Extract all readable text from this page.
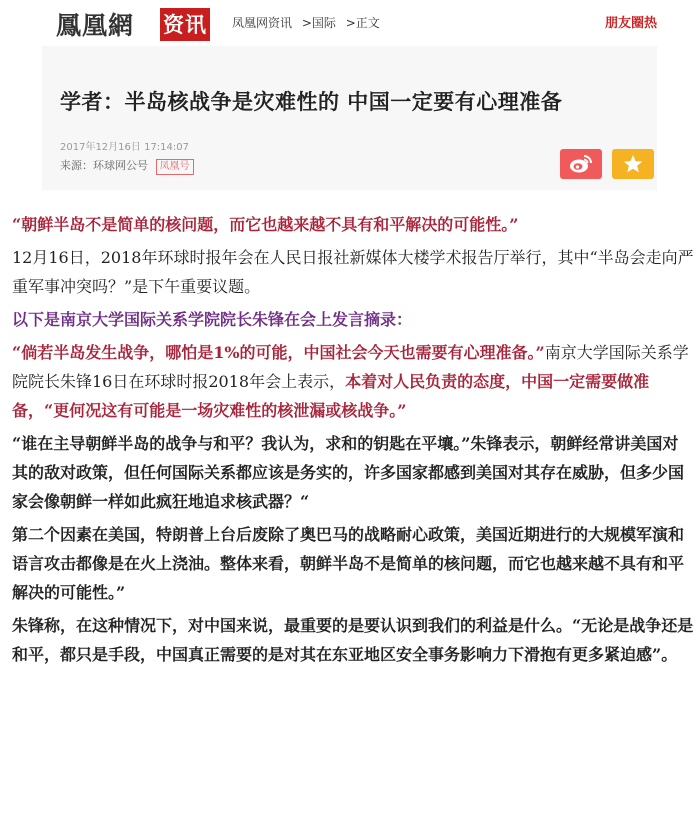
鳳凰網 资讯 凤凰网资讯 >国际 >正文	朋友圈热
学者：半岛核战争是灾难性的 中国一定要有心理准备
2017年12月16日 17:14:07
来源：环球网公号 凤凰号

“朝鲜半岛不是简单的核问题，而它也越来越不具有和平解决的可能性。”

12月16日，2018年环球时报年会在人民日报社新媒体大楼学术报告厅举行，其中“半岛会走向严重军事冲突吗？”是下午重要议题。

以下是南京大学国际关系学院院长朱锋在会上发言摘录：

“倘若半岛发生战争，哪怕是1%的可能，中国社会今天也需要有心理准备。”南京大学国际关系学院院长朱锋16日在环球时报2018年会上表示，本着对人民负责的态度，中国一定需要做准备，“更何况这有可能是一场灾难性的核泄漏或核战争。”

“谁在主导朝鲜半岛的战争与和平？我认为，求和的钥匙在平壤。”朱锋表示，朝鲜经常讲美国对其的敌对政策，但任何国际关系都应该是务实的，许多国家都感到美国对其存在威胁，但多少国家会像朝鲜一样如此疯狂地追求核武器？“

第二个因素在美国，特朗普上台后废除了奥巴马的战略耐心政策，美国近期进行的大规模军演和语言攻击都像是在火上浇油。整体来看，朝鲜半岛不是简单的核问题，而它也越来越不具有和平解决的可能性。”

朱锋称，在这种情况下，对中国来说，最重要的是要认识到我们的利益是什么。“无论是战争还是和平，都只是手段，中国真正需要的是对其在东亚地区安全事务影响力下滑抱有更多紧迫感”。
